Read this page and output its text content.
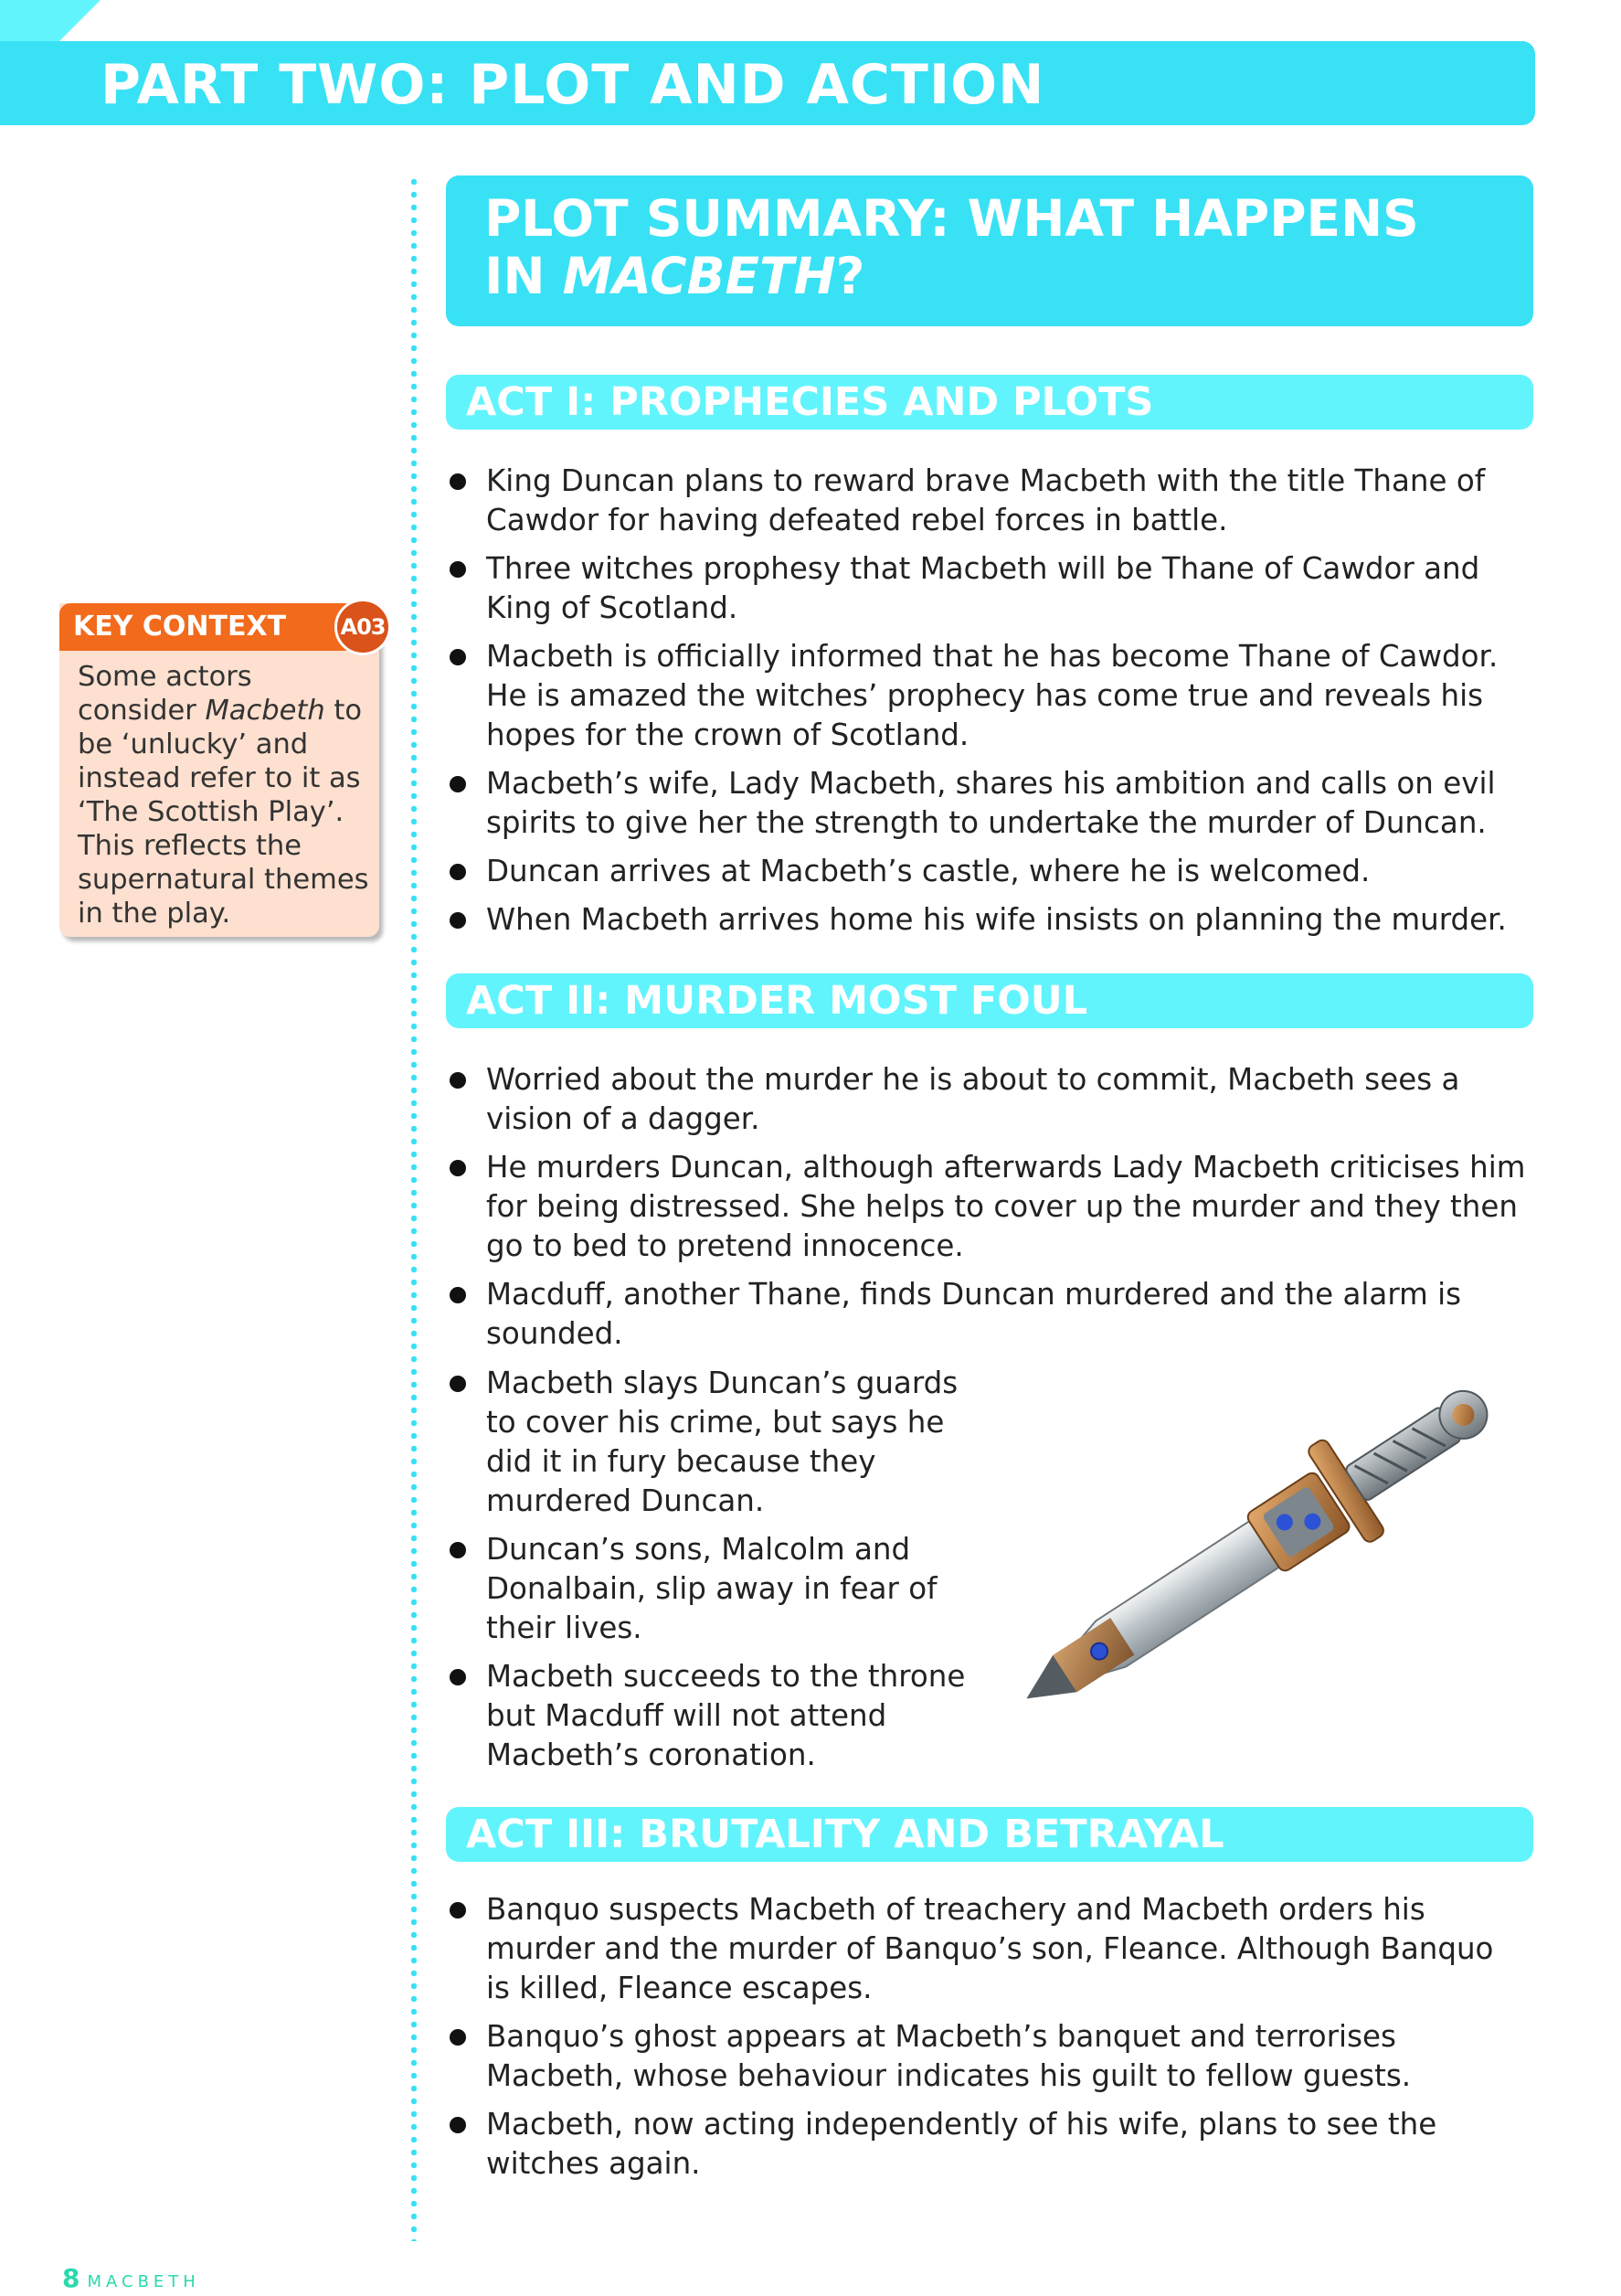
PART TWO: PLOT AND ACTION
PLOT SUMMARY: WHAT HAPPENS
IN MACBETH?

KEY CONTEXT A03

Some actors consider Macbeth to be ‘unlucky’ and instead refer to it as ‘The Scottish Play’. This reflects the supernatural themes in the play.

ACT I: PROPHECIES AND PLOTS
King Duncan plans to reward brave Macbeth with the title Thane of Cawdor for having defeated rebel forces in battle.
Three witches prophesy that Macbeth will be Thane of Cawdor and King of Scotland.
Macbeth is officially informed that he has become Thane of Cawdor. He is amazed the witches’ prophecy has come true and reveals his hopes for the crown of Scotland.
Macbeth’s wife, Lady Macbeth, shares his ambition and calls on evil spirits to give her the strength to undertake the murder of Duncan.
Duncan arrives at Macbeth’s castle, where he is welcomed.
When Macbeth arrives home his wife insists on planning the murder.
ACT II: MURDER MOST FOUL
Worried about the murder he is about to commit, Macbeth sees a vision of a dagger.
He murders Duncan, although afterwards Lady Macbeth criticises him for being distressed. She helps to cover up the murder and they then go to bed to pretend innocence.
Macduff, another Thane, finds Duncan murdered and the alarm is sounded.
Macbeth slays Duncan’s guards to cover his crime, but says he did it in fury because they murdered Duncan.
Duncan’s sons, Malcolm and Donalbain, slip away in fear of their lives.
Macbeth succeeds to the throne but Macduff will not attend Macbeth’s coronation.
ACT III: BRUTALITY AND BETRAYAL
Banquo suspects Macbeth of treachery and Macbeth orders his murder and the murder of Banquo’s son, Fleance. Although Banquo is killed, Fleance escapes.
Banquo’s ghost appears at Macbeth’s banquet and terrorises Macbeth, whose behaviour indicates his guilt to fellow guests.
Macbeth, now acting independently of his wife, plans to see the witches again.

8 MACBETH
